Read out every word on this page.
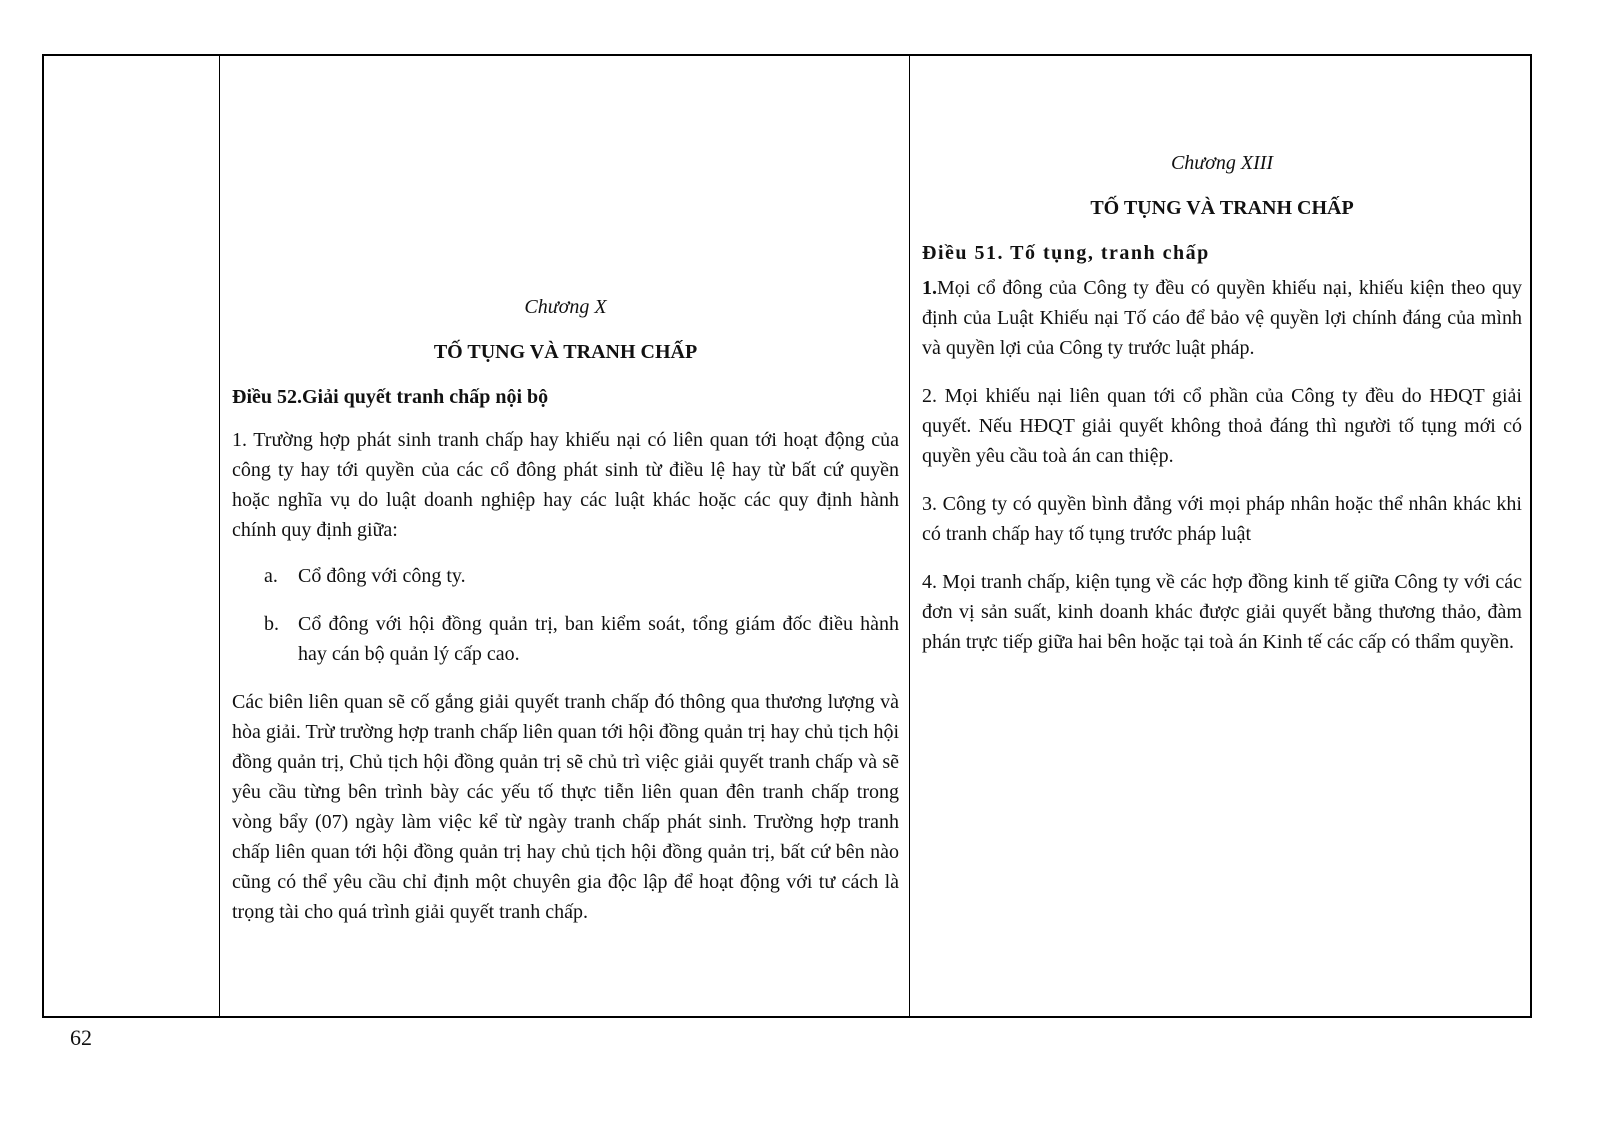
Chương X
TỐ TỤNG VÀ TRANH CHẤP
Điều 52.Giải quyết tranh chấp nội bộ

1. Trường hợp phát sinh tranh chấp hay khiếu nại có liên quan tới hoạt động của công ty hay tới quyền của các cổ đông phát sinh từ điều lệ hay từ bất cứ quyền hoặc nghĩa vụ do luật doanh nghiệp hay các luật khác hoặc các quy định hành chính quy định giữa:

a.	Cổ đông với công ty.
b. Cổ đông với hội đồng quản trị, ban kiểm soát, tổng giám đốc điều hành hay cán bộ quản lý cấp cao.

Các biên liên quan sẽ cố gắng giải quyết tranh chấp đó thông qua thương lượng và hòa giải. Trừ trường hợp tranh chấp liên quan tới hội đồng quản trị hay chủ tịch hội đồng quản trị, Chủ tịch hội đồng quản trị sẽ chủ trì việc giải quyết tranh chấp và sẽ yêu cầu từng bên trình bày các yếu tố thực tiễn liên quan đên tranh chấp trong vòng bẩy (07) ngày làm việc kể từ ngày tranh chấp phát sinh. Trường hợp tranh chấp liên quan tới hội đồng quản trị hay chủ tịch hội đồng quản trị, bất cứ bên nào cũng có thể yêu cầu chỉ định một chuyên gia độc lập để hoạt động với tư cách là trọng tài cho quá trình giải quyết tranh chấp.

Chương XIII
TỐ TỤNG VÀ TRANH CHẤP
Điều 51. Tố tụng, tranh chấp

1.Mọi cổ đông của Công ty đều có quyền khiếu nại, khiếu kiện theo quy định của Luật Khiếu nại Tố cáo để bảo vệ quyền lợi chính đáng của mình và quyền lợi của Công ty trước luật pháp.

2. Mọi khiếu nại liên quan tới cổ phần của Công ty đều do HĐQT giải quyết. Nếu HĐQT giải quyết không thoả đáng thì người tố tụng mới có quyền yêu cầu toà án can thiệp.

3. Công ty có quyền bình đẳng với mọi pháp nhân hoặc thể nhân khác khi có tranh chấp hay tố tụng trước pháp luật

4. Mọi tranh chấp, kiện tụng về các hợp đồng kinh tế giữa Công ty với các đơn vị sản suất, kinh doanh khác được giải quyết bằng thương thảo, đàm phán trực tiếp giữa hai bên hoặc tại toà án Kinh tế các cấp có thẩm quyền.

62
